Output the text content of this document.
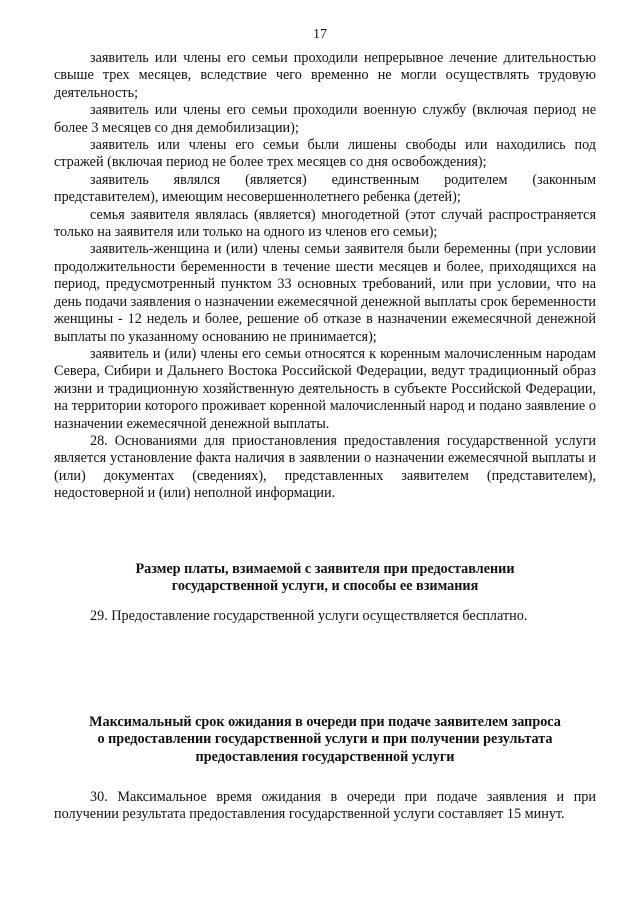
17

заявитель или члены его семьи проходили непрерывное лечение длительностью свыше трех месяцев, вследствие чего временно не могли осуществлять трудовую деятельность;

заявитель или члены его семьи проходили военную службу (включая период не более 3 месяцев со дня демобилизации);

заявитель или члены его семьи были лишены свободы или находились под стражей (включая период не более трех месяцев со дня освобождения);

заявитель являлся (является) единственным родителем (законным представителем), имеющим несовершеннолетнего ребенка (детей);

семья заявителя являлась (является) многодетной (этот случай распространяется только на заявителя или только на одного из членов его семьи);

заявитель-женщина и (или) члены семьи заявителя были беременны (при условии продолжительности беременности в течение шести месяцев и более, приходящихся на период, предусмотренный пунктом 33 основных требований, или при условии, что на день подачи заявления о назначении ежемесячной денежной выплаты срок беременности женщины - 12 недель и более, решение об отказе в назначении ежемесячной денежной выплаты по указанному основанию не принимается);

заявитель и (или) члены его семьи относятся к коренным малочисленным народам Севера, Сибири и Дальнего Востока Российской Федерации, ведут традиционный образ жизни и традиционную хозяйственную деятельность в субъекте Российской Федерации, на территории которого проживает коренной малочисленный народ и подано заявление о назначении ежемесячной денежной выплаты.

28. Основаниями для приостановления предоставления государственной услуги является установление факта наличия в заявлении о назначении ежемесячной выплаты и (или) документах (сведениях), представленных заявителем (представителем), недостоверной и (или) неполной информации.

Размер платы, взимаемой с заявителя при предоставлении
государственной услуги, и способы ее взимания

29. Предоставление государственной услуги осуществляется бесплатно.

Максимальный срок ожидания в очереди при подаче заявителем запроса
о предоставлении государственной услуги и при получении результата
предоставления государственной услуги

30. Максимальное время ожидания в очереди при подаче заявления и при получении результата предоставления государственной услуги составляет 15 минут.
